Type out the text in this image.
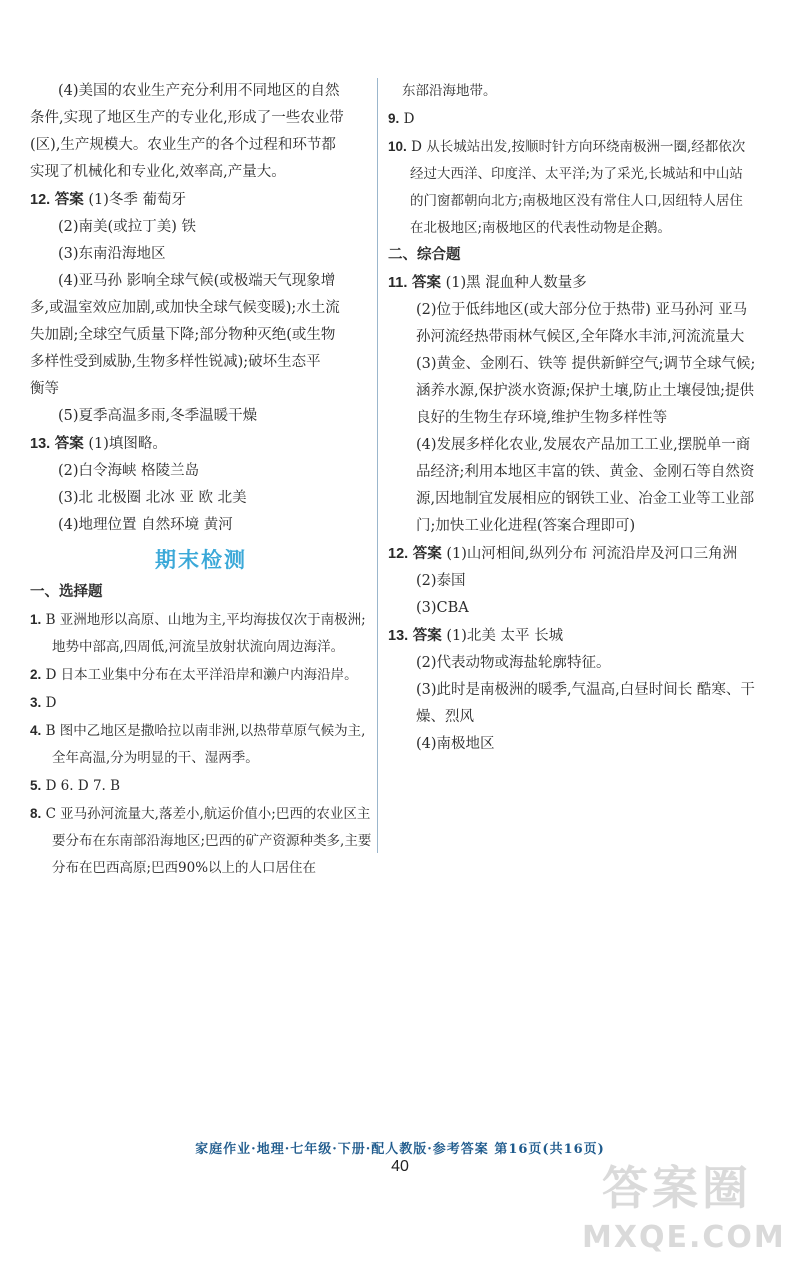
(4)美国的农业生产充分利用不同地区的自然

条件,实现了地区生产的专业化,形成了一些农业带

(区),生产规模大。农业生产的各个过程和环节都

实现了机械化和专业化,效率高,产量大。

12. 答案 (1)冬季 葡萄牙

(2)南美(或拉丁美) 铁

(3)东南沿海地区

(4)亚马孙 影响全球气候(或极端天气现象增

多,或温室效应加剧,或加快全球气候变暖);水土流

失加剧;全球空气质量下降;部分物种灭绝(或生物

多样性受到威胁,生物多样性锐减);破坏生态平

衡等

(5)夏季高温多雨,冬季温暖干燥

13. 答案 (1)填图略。

(2)白令海峡 格陵兰岛

(3)北 北极圈 北冰 亚 欧 北美

(4)地理位置 自然环境 黄河

期末检测

一、选择题

1. B 亚洲地形以高原、山地为主,平均海拔仅次于南极洲;地势中部高,四周低,河流呈放射状流向周边海洋。

2. D 日本工业集中分布在太平洋沿岸和濑户内海沿岸。

3. D

4. B 图中乙地区是撒哈拉以南非洲,以热带草原气候为主,全年高温,分为明显的干、湿两季。

5. D 6. D 7. B

8. C 亚马孙河流量大,落差小,航运价值小;巴西的农业区主要分布在东南部沿海地区;巴西的矿产资源种类多,主要分布在巴西高原;巴西90%以上的人口居住在

东部沿海地带。

9. D

10. D 从长城站出发,按顺时针方向环绕南极洲一圈,经都依次经过大西洋、印度洋、太平洋;为了采光,长城站和中山站的门窗都朝向北方;南极地区没有常住人口,因纽特人居住在北极地区;南极地区的代表性动物是企鹅。

二、综合题

11. 答案 (1)黑 混血种人数量多

(2)位于低纬地区(或大部分位于热带) 亚马孙河 亚马孙河流经热带雨林气候区,全年降水丰沛,河流流量大

(3)黄金、金刚石、铁等 提供新鲜空气;调节全球气候;涵养水源,保护淡水资源;保护土壤,防止土壤侵蚀;提供良好的生物生存环境,维护生物多样性等

(4)发展多样化农业,发展农产品加工工业,摆脱单一商品经济;利用本地区丰富的铁、黄金、金刚石等自然资源,因地制宜发展相应的钢铁工业、冶金工业等工业部门;加快工业化进程(答案合理即可)

12. 答案 (1)山河相间,纵列分布 河流沿岸及河口三角洲

(2)泰国

(3)CBA

13. 答案 (1)北美 太平 长城

(2)代表动物或海盐轮廓特征。

(3)此时是南极洲的暖季,气温高,白昼时间长 酷寒、干燥、烈风

(4)南极地区

家庭作业·地理·七年级·下册·配人教版·参考答案 第16页(共16页)
40	答案圈
MXQE.COM
